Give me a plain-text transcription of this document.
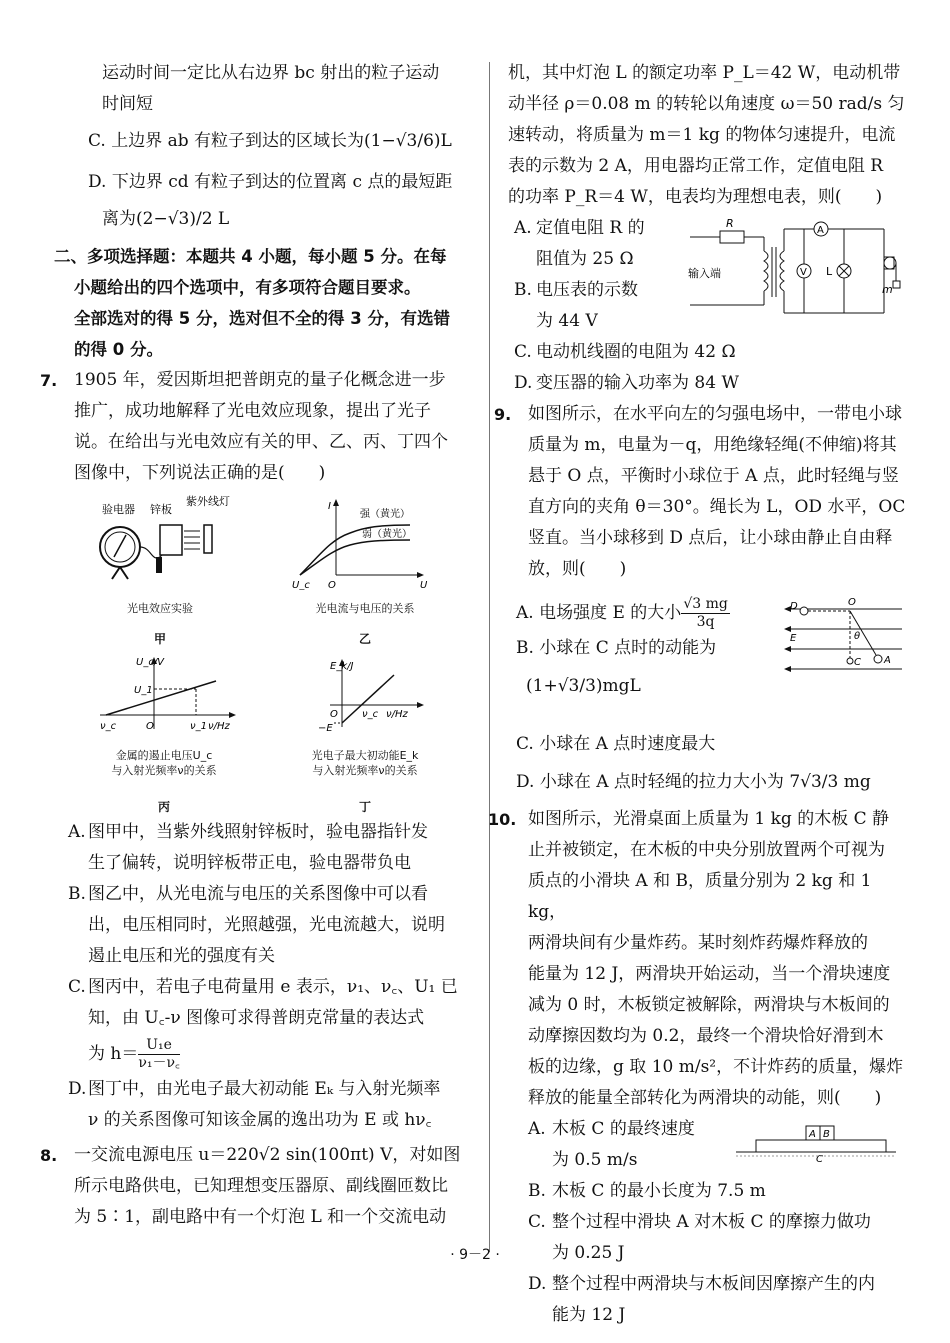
运动时间一定比从右边界 bc 射出的粒子运动

时间短

C. 上边界 ab 有粒子到达的区域长为(1−√3/6)L

D. 下边界 cd 有粒子到达的位置离 c 点的最短距

离为(2−√3)/2 L

二、多项选择题：本题共 4 小题，每小题 5 分。在每

小题给出的四个选项中，有多项符合题目要求。

全部选对的得 5 分，选对但不全的得 3 分，有选错

的得 0 分。

7. 1905 年，爱因斯坦把普朗克的量子化概念进一步

推广，成功地解释了光电效应现象，提出了光子

说。在给出与光电效应有关的甲、乙、丙、丁四个

图像中，下列说法正确的是(　　)

验电器 锌板
紫外线灯
光电效应实验
甲
I
U
U_c O
强（黄光）
弱（黄光）
光电流与电压的关系
乙
U_c/V
U_1
ν_c	O	ν_1 ν/Hz
金属的遏止电压U_c
与入射光频率ν的关系
丙
E_k/J
O ν_c ν/Hz
−E
光电子最大初动能E_k
与入射光频率ν的关系
丁
A. 图甲中，当紫外线照射锌板时，验电器指针发

生了偏转，说明锌板带正电，验电器带负电

B. 图乙中，从光电流与电压的关系图像中可以看

出，电压相同时，光照越强，光电流越大，说明

遏止电压和光的强度有关

C. 图丙中，若电子电荷量用 e 表示，ν₁、ν꜀、U₁ 已

知，由 U꜀-ν 图像可求得普朗克常量的表达式

为 $h= \frac{\text{U₁e}}{\text{ν₁－ν꜀}}$

D. 图丁中，由光电子最大初动能 Eₖ 与入射光频率

ν 的关系图像可知该金属的逸出功为 E 或 hν꜀

8. 一交流电源电压 u＝220√2 sin(100πt) V，对如图

所示电路供电，已知理想变压器原、副线圈匝数比

为 5∶1，副电路中有一个灯泡 L 和一个交流电动

机，其中灯泡 L 的额定功率 P_L＝42 W，电动机带

动半径 ρ＝0.08 m 的转轮以角速度 ω＝50 rad/s 匀

速转动，将质量为 m＝1 kg 的物体匀速提升，电流

表的示数为 2 A，用电器均正常工作，定值电阻 R

的功率 P_R＝4 W，电表均为理想电表，则(　　)

A. 定值电阻 R 的

阻值为 25 Ω

B. 电压表的示数

为 44 V

R
输入端
A
V L
m
C. 电动机线圈的电阻为 42 Ω

D. 变压器的输入功率为 84 W

9. 如图所示，在水平向左的匀强电场中，一带电小球

质量为 m，电量为－q，用绝缘轻绳(不伸缩)将其

悬于 O 点，平衡时小球位于 A 点，此时轻绳与竖

直方向的夹角 θ＝30°。绳长为 L，OD 水平，OC

竖直。当小球移到 D 点后，让小球由静止自由释

放，则(　　)

A. 电场强度 E 的大小 $\frac{√3 mg}{3q}$

B. 小球在 C 点时的动能为

(1+√3/3)mgL

D	O
E	θ
C A

C. 小球在 A 点时速度最大

D. 小球在 A 点时轻绳的拉力大小为 7√3/3 mg

10. 如图所示，光滑桌面上质量为 1 kg 的木板 C 静

止并被锁定，在木板的中央分别放置两个可视为

质点的小滑块 A 和 B，质量分别为 2 kg 和 1 kg，

两滑块间有少量炸药。某时刻炸药爆炸释放的

能量为 12 J，两滑块开始运动，当一个滑块速度

减为 0 时，木板锁定被解除，两滑块与木板间的

动摩擦因数均为 0.2，最终一个滑块恰好滑到木

板的边缘，g 取 10 m/s²，不计炸药的质量，爆炸

释放的能量全部转化为两滑块的动能，则(　　)

A. 木板 C 的最终速度

为 0.5 m/s

A B
C
B. 木板 C 的最小长度为 7.5 m

C. 整个过程中滑块 A 对木板 C 的摩擦力做功

为 0.25 J

D. 整个过程中两滑块与木板间因摩擦产生的内

能为 12 J

· 9－2 ·
